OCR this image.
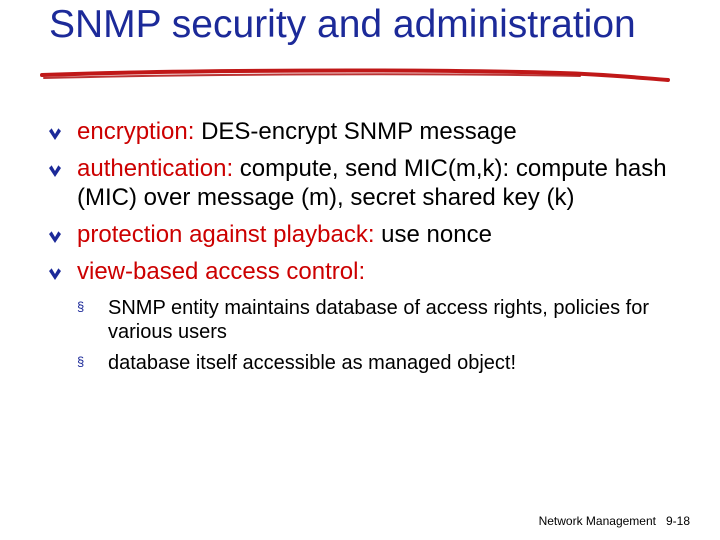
SNMP security and administration
encryption: DES-encrypt SNMP message
authentication: compute, send MIC(m,k): compute hash (MIC) over message (m), secret shared key (k)
protection against playback: use nonce
view-based access control:
§ SNMP entity maintains database of access rights, policies for various users
§ database itself accessible as managed object!
Network Management 9-18
